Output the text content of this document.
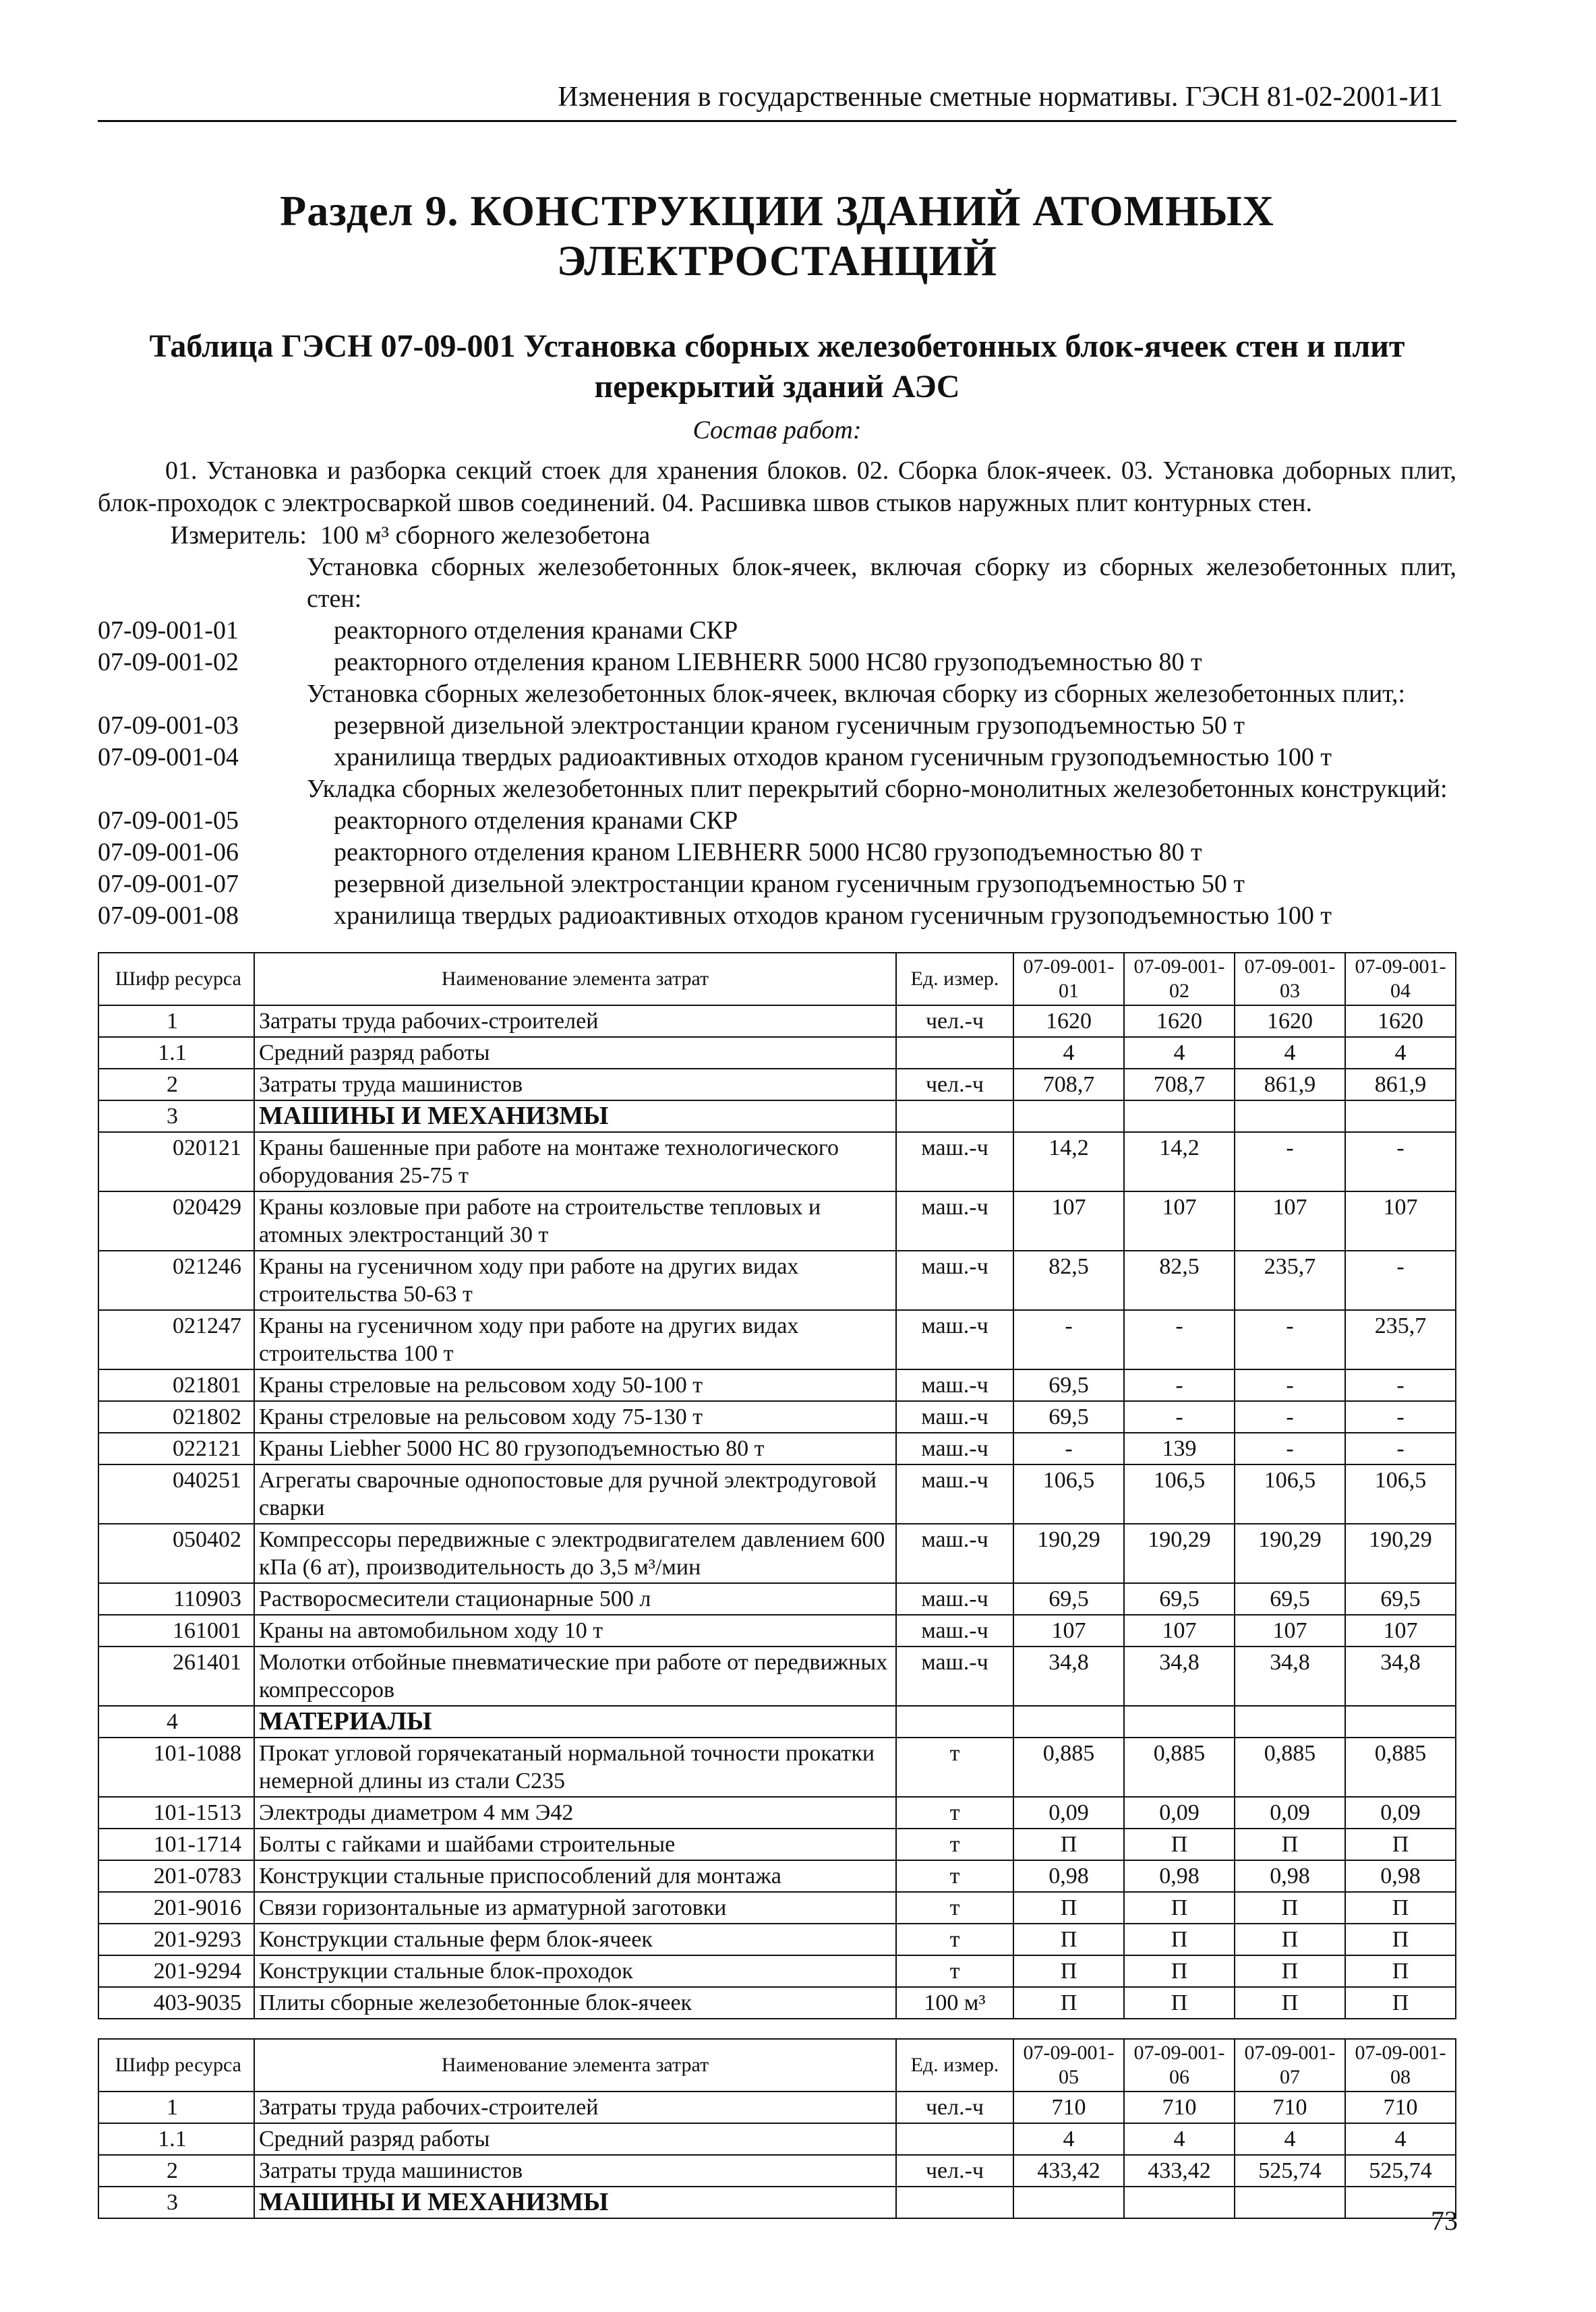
Изменения в государственные сметные нормативы. ГЭСН 81-02-2001-И1
Раздел 9. КОНСТРУКЦИИ ЗДАНИЙ АТОМНЫХ ЭЛЕКТРОСТАНЦИЙ
Таблица ГЭСН 07-09-001 Установка сборных железобетонных блок-ячеек стен и плит перекрытий зданий АЭС
Состав работ:
01. Установка и разборка секций стоек для хранения блоков. 02. Сборка блок-ячеек. 03. Установка доборных плит, блок-проходок с электросваркой швов соединений. 04. Расшивка швов стыков наружных плит контурных стен.
Измеритель: 100 м³ сборного железобетона
Установка сборных железобетонных блок-ячеек, включая сборку из сборных железобетонных плит, стен:
07-09-001-01	реакторного отделения кранами СКР
07-09-001-02	реакторного отделения краном LIEBHERR 5000 HC80 грузоподъемностью 80 т
Установка сборных железобетонных блок-ячеек, включая сборку из сборных железобетонных плит,:
07-09-001-03	резервной дизельной электростанции краном гусеничным грузоподъемностью 50 т
07-09-001-04	хранилища твердых радиоактивных отходов краном гусеничным грузоподъемностью 100 т
Укладка сборных железобетонных плит перекрытий сборно-монолитных железобетонных конструкций:
07-09-001-05	реакторного отделения кранами СКР
07-09-001-06	реакторного отделения краном LIEBHERR 5000 HC80 грузоподъемностью 80 т
07-09-001-07	резервной дизельной электростанции краном гусеничным грузоподъемностью 50 т
07-09-001-08	хранилища твердых радиоактивных отходов краном гусеничным грузоподъемностью 100 т
Шифр ресурса	Наименование элемента затрат	Ед. измер.	07-09-001-01	07-09-001-02	07-09-001-03	07-09-001-04
1	Затраты труда рабочих-строителей	чел.-ч	1620	1620	1620	1620
1.1	Средний разряд работы		4	4	4	4
2	Затраты труда машинистов	чел.-ч	708,7	708,7	861,9	861,9
3	МАШИНЫ И МЕХАНИЗМЫ					
020121	Краны башенные при работе на монтаже технологического оборудования 25-75 т	маш.-ч	14,2	14,2	-	-
020429	Краны козловые при работе на строительстве тепловых и атомных электростанций 30 т	маш.-ч	107	107	107	107
021246	Краны на гусеничном ходу при работе на других видах строительства 50-63 т	маш.-ч	82,5	82,5	235,7	-
021247	Краны на гусеничном ходу при работе на других видах строительства 100 т	маш.-ч	-	-	-	235,7
021801	Краны стреловые на рельсовом ходу 50-100 т	маш.-ч	69,5	-	-	-
021802	Краны стреловые на рельсовом ходу 75-130 т	маш.-ч	69,5	-	-	-
022121	Краны Liebher 5000 НС 80 грузоподъемностью 80 т	маш.-ч	-	139	-	-
040251	Агрегаты сварочные однопостовые для ручной электродуговой сварки	маш.-ч	106,5	106,5	106,5	106,5
050402	Компрессоры передвижные с электродвигателем давлением 600 кПа (6 ат), производительность до 3,5 м³/мин	маш.-ч	190,29	190,29	190,29	190,29
110903	Растворосмесители стационарные 500 л	маш.-ч	69,5	69,5	69,5	69,5
161001	Краны на автомобильном ходу 10 т	маш.-ч	107	107	107	107
261401	Молотки отбойные пневматические при работе от передвижных компрессоров	маш.-ч	34,8	34,8	34,8	34,8
4	МАТЕРИАЛЫ					
101-1088	Прокат угловой горячекатаный нормальной точности прокатки немерной длины из стали С235	т	0,885	0,885	0,885	0,885
101-1513	Электроды диаметром 4 мм Э42	т	0,09	0,09	0,09	0,09
101-1714	Болты с гайками и шайбами строительные	т	П	П	П	П
201-0783	Конструкции стальные приспособлений для монтажа	т	0,98	0,98	0,98	0,98
201-9016	Связи горизонтальные из арматурной заготовки	т	П	П	П	П
201-9293	Конструкции стальные ферм блок-ячеек	т	П	П	П	П
201-9294	Конструкции стальные блок-проходок	т	П	П	П	П
403-9035	Плиты сборные железобетонные блок-ячеек	100 м³	П	П	П	П
Шифр ресурса	Наименование элемента затрат	Ед. измер.	07-09-001-05	07-09-001-06	07-09-001-07	07-09-001-08
1	Затраты труда рабочих-строителей	чел.-ч	710	710	710	710
1.1	Средний разряд работы		4	4	4	4
2	Затраты труда машинистов	чел.-ч	433,42	433,42	525,74	525,74
3	МАШИНЫ И МЕХАНИЗМЫ					
73
